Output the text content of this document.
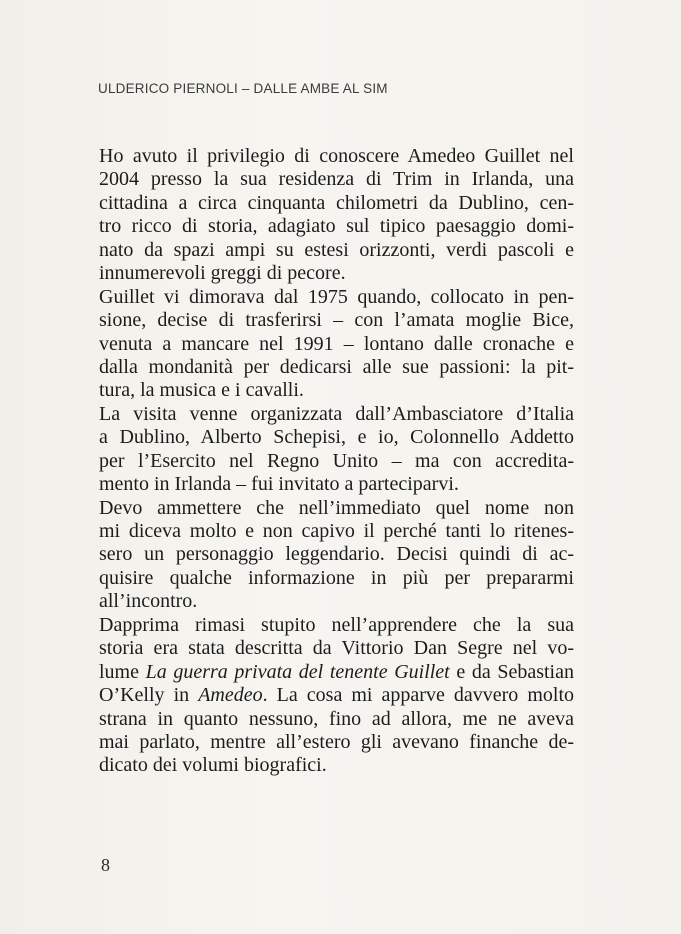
ULDERICO PIERNOLI – DALLE AMBE AL SIM
Ho avuto il privilegio di conoscere Amedeo Guillet nel
2004 presso la sua residenza di Trim in Irlanda, una
cittadina a circa cinquanta chilometri da Dublino, cen-
tro ricco di storia, adagiato sul tipico paesaggio domi-
nato da spazi ampi su estesi orizzonti, verdi pascoli e
innumerevoli greggi di pecore.
Guillet vi dimorava dal 1975 quando, collocato in pen-
sione, decise di trasferirsi – con l’amata moglie Bice,
venuta a mancare nel 1991 – lontano dalle cronache e
dalla mondanità per dedicarsi alle sue passioni: la pit-
tura, la musica e i cavalli.
La visita venne organizzata dall’Ambasciatore d’Italia
a Dublino, Alberto Schepisi, e io, Colonnello Addetto
per l’Esercito nel Regno Unito – ma con accredita-
mento in Irlanda – fui invitato a parteciparvi.
Devo ammettere che nell’immediato quel nome non
mi diceva molto e non capivo il perché tanti lo ritenes-
sero un personaggio leggendario. Decisi quindi di ac-
quisire qualche informazione in più per prepararmi
all’incontro.
Dapprima rimasi stupito nell’apprendere che la sua
storia era stata descritta da Vittorio Dan Segre nel vo-
lume La guerra privata del tenente Guillet e da Sebastian
O’Kelly in Amedeo. La cosa mi apparve davvero molto
strana in quanto nessuno, fino ad allora, me ne aveva
mai parlato, mentre all’estero gli avevano finanche de-
dicato dei volumi biografici.
8
